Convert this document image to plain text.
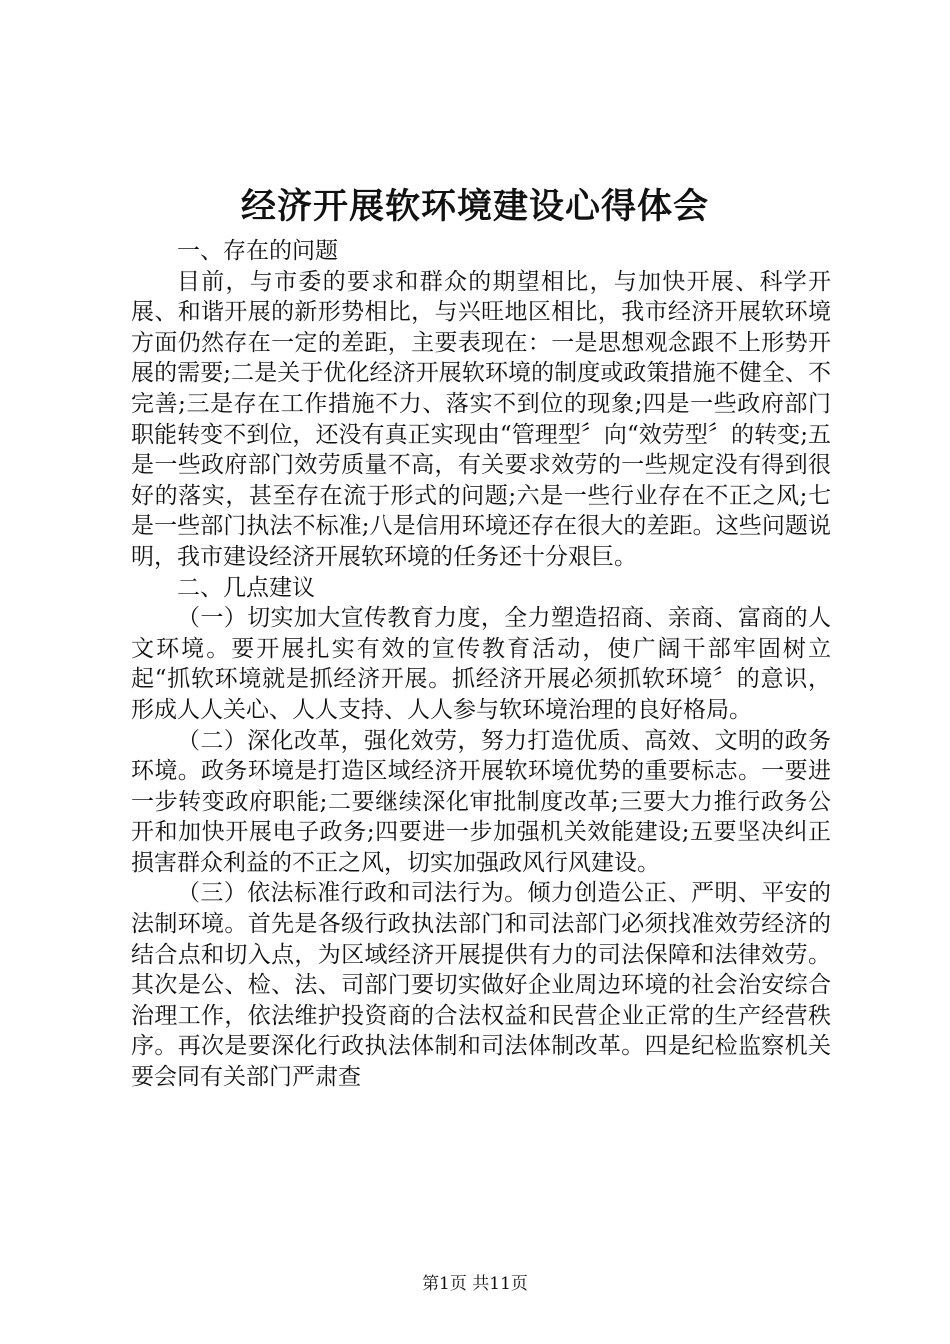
经济开展软环境建设心得体会

一、存在的问题

目前，与市委的要求和群众的期望相比，与加快开展、科学开展、和谐开展的新形势相比，与兴旺地区相比，我市经济开展软环境方面仍然存在一定的差距，主要表现在：一是思想观念跟不上形势开展的需要;二是关于优化经济开展软环境的制度或政策措施不健全、不完善;三是存在工作措施不力、落实不到位的现象;四是一些政府部门职能转变不到位，还没有真正实现由“管理型〞向“效劳型〞的转变;五是一些政府部门效劳质量不高，有关要求效劳的一些规定没有得到很好的落实，甚至存在流于形式的问题;六是一些行业存在不正之风;七是一些部门执法不标准;八是信用环境还存在很大的差距。这些问题说明，我市建设经济开展软环境的任务还十分艰巨。

二、几点建议

（一）切实加大宣传教育力度，全力塑造招商、亲商、富商的人文环境。要开展扎实有效的宣传教育活动，使广阔干部牢固树立起“抓软环境就是抓经济开展。抓经济开展必须抓软环境〞的意识，形成人人关心、人人支持、人人参与软环境治理的良好格局。

（二）深化改革，强化效劳，努力打造优质、高效、文明的政务环境。政务环境是打造区域经济开展软环境优势的重要标志。一要进一步转变政府职能;二要继续深化审批制度改革;三要大力推行政务公开和加快开展电子政务;四要进一步加强机关效能建设;五要坚决纠正损害群众利益的不正之风，切实加强政风行风建设。

（三）依法标准行政和司法行为。倾力创造公正、严明、平安的法制环境。首先是各级行政执法部门和司法部门必须找准效劳经济的结合点和切入点，为区域经济开展提供有力的司法保障和法律效劳。其次是公、检、法、司部门要切实做好企业周边环境的社会治安综合治理工作，依法维护投资商的合法权益和民营企业正常的生产经营秩序。再次是要深化行政执法体制和司法体制改革。四是纪检监察机关要会同有关部门严肃查

第1页 共11页
